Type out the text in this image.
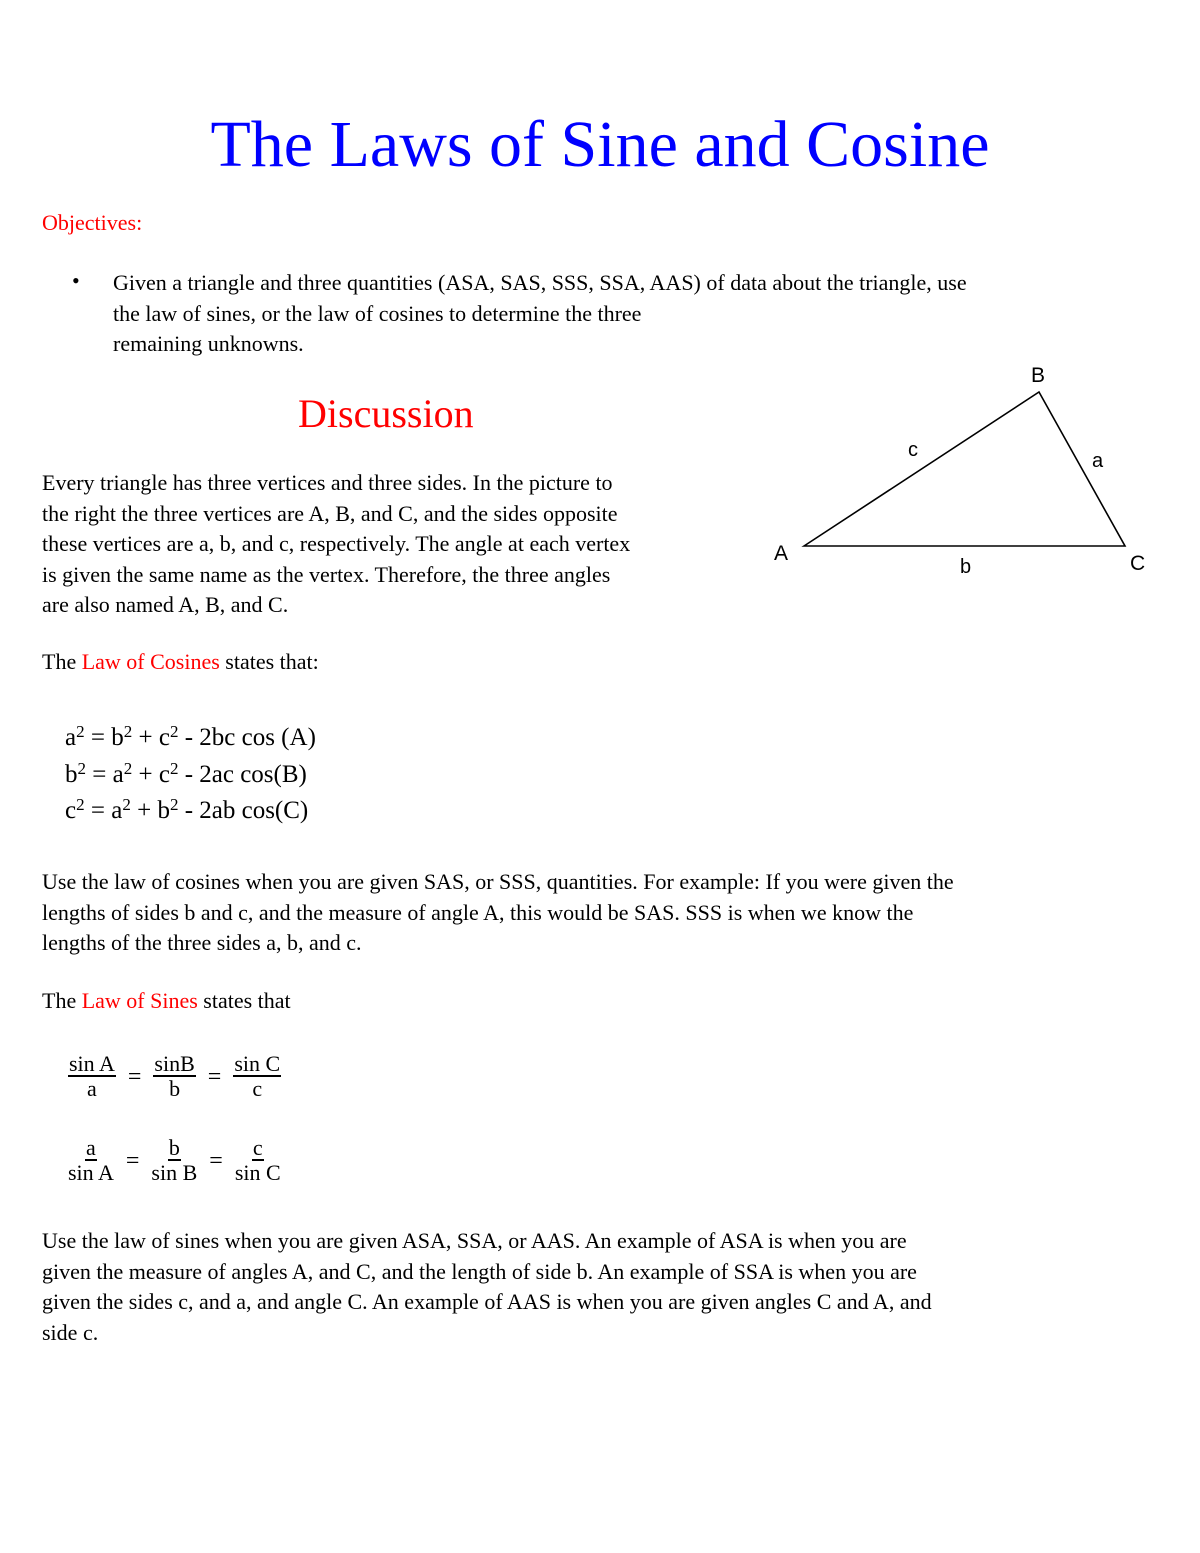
The Laws of Sine and Cosine
Objectives:
• Given a triangle and three quantities (ASA, SAS, SSS, SSA, AAS) of data about the triangle, use
the law of sines, or the law of cosines to determine the three
remaining unknowns.
Discussion
Every triangle has three vertices and three sides. In the picture to
the right the three vertices are A, B, and C, and the sides opposite
these vertices are a, b, and c, respectively. The angle at each vertex
is given the same name as the vertex. Therefore, the three angles
are also named A, B, and C.
B
A	C
c	a
b
The Law of Cosines states that:
$a^2 = b^2 + c^2 - 2bc$ cos (A)
$b^2 = a^2 + c^2 - 2ac$ cos(B)
$c^2 = a^2 + b^2 - 2ab$ cos(C)
Use the law of cosines when you are given SAS, or SSS, quantities. For example: If you were given the
lengths of sides b and c, and the measure of angle A, this would be SAS. SSS is when we know the
lengths of the three sides a, b, and c.
The Law of Sines states that
$\frac{\text{sin A}}{a} = \frac{\sin B}{b} = \frac{\text{sin C}}{c}$
$\frac{a}{\text{sin A}} = \frac{b}{\text{sin B}} = \frac{c}{\text{sin C}}$
Use the law of sines when you are given ASA, SSA, or AAS. An example of ASA is when you are
given the measure of angles A, and C, and the length of side b. An example of SSA is when you are
given the sides c, and a, and angle C. An example of AAS is when you are given angles C and A, and
side c.
